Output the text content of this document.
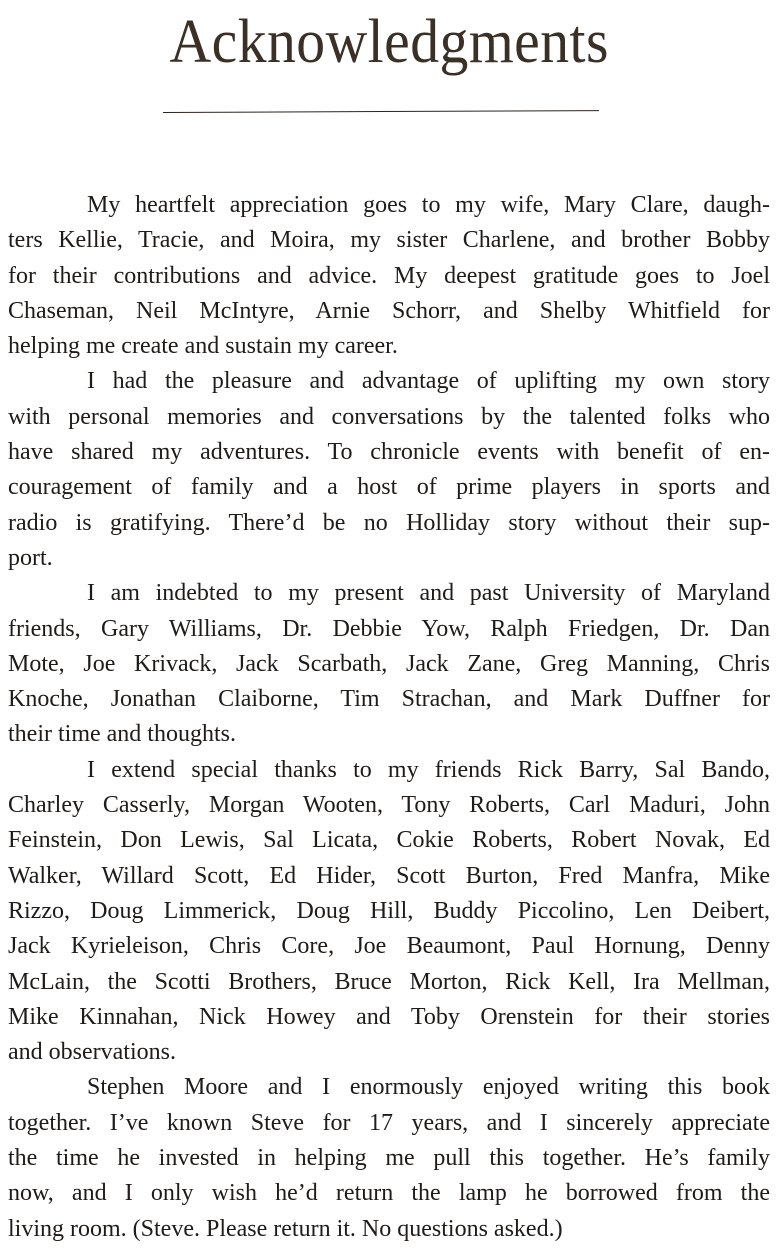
Acknowledgments
My heartfelt appreciation goes to my wife, Mary Clare, daugh-
ters Kellie, Tracie, and Moira, my sister Charlene, and brother Bobby
for their contributions and advice. My deepest gratitude goes to Joel
Chaseman, Neil McIntyre, Arnie Schorr, and Shelby Whitfield for
helping me create and sustain my career.
I had the pleasure and advantage of uplifting my own story
with personal memories and conversations by the talented folks who
have shared my adventures. To chronicle events with benefit of en-
couragement of family and a host of prime players in sports and
radio is gratifying. There’d be no Holliday story without their sup-
port.
I am indebted to my present and past University of Maryland
friends, Gary Williams, Dr. Debbie Yow, Ralph Friedgen, Dr. Dan
Mote, Joe Krivack, Jack Scarbath, Jack Zane, Greg Manning, Chris
Knoche, Jonathan Claiborne, Tim Strachan, and Mark Duffner for
their time and thoughts.
I extend special thanks to my friends Rick Barry, Sal Bando,
Charley Casserly, Morgan Wooten, Tony Roberts, Carl Maduri, John
Feinstein, Don Lewis, Sal Licata, Cokie Roberts, Robert Novak, Ed
Walker, Willard Scott, Ed Hider, Scott Burton, Fred Manfra, Mike
Rizzo, Doug Limmerick, Doug Hill, Buddy Piccolino, Len Deibert,
Jack Kyrieleison, Chris Core, Joe Beaumont, Paul Hornung, Denny
McLain, the Scotti Brothers, Bruce Morton, Rick Kell, Ira Mellman,
Mike Kinnahan, Nick Howey and Toby Orenstein for their stories
and observations.
Stephen Moore and I enormously enjoyed writing this book
together. I’ve known Steve for 17 years, and I sincerely appreciate
the time he invested in helping me pull this together. He’s family
now, and I only wish he’d return the lamp he borrowed from the
living room. (Steve. Please return it. No questions asked.)
